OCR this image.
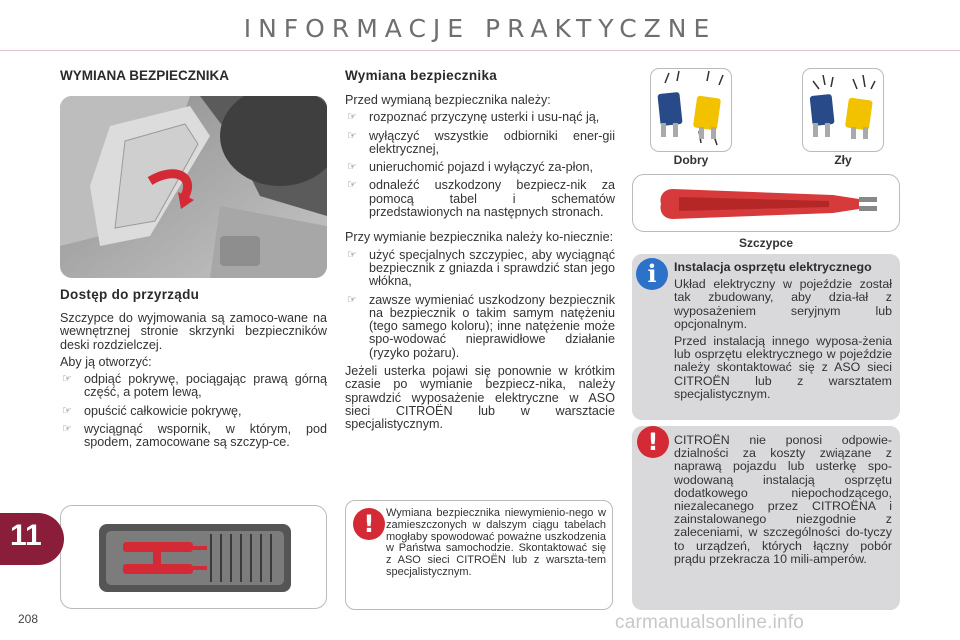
INFORMACJE PRAKTYCZNE
WYMIANA BEZPIECZNIKA
Dostęp do przyrządu

Szczypce do wyjmowania są zamoco-wane na wewnętrznej stronie skrzynki bezpieczników deski rozdzielczej.

Aby ją otworzyć:

☞ odpiąć pokrywę, pociągając prawą górną część, a potem lewą,
☞ opuścić całkowicie pokrywę,
☞ wyciągnąć wspornik, w którym, pod spodem, zamocowane są szczyp-ce.
Wymiana bezpiecznika

Przed wymianą bezpiecznika należy:

☞ rozpoznać przyczynę usterki i usu-nąć ją,
☞ wyłączyć wszystkie odbiorniki ener-gii elektrycznej,
☞ unieruchomić pojazd i wyłączyć za-płon,
☞ odnaleźć uszkodzony bezpiecz-nik za pomocą tabel i schematów przedstawionych na następnych stronach.

Przy wymianie bezpiecznika należy ko-niecznie:

☞ użyć specjalnych szczypiec, aby wyciągnąć bezpiecznik z gniazda i sprawdzić stan jego włókna,
☞ zawsze wymieniać uszkodzony bezpiecznik na bezpiecznik o takim samym natężeniu (tego samego koloru); inne natężenie może spo-wodować nieprawidłowe działanie (ryzyko pożaru).

Jeżeli usterka pojawi się ponownie w krótkim czasie po wymianie bezpiecz-nika, należy sprawdzić wyposażenie elektryczne w ASO sieci CITROËN lub w warsztacie specjalistycznym.

!	Wymiana bezpiecznika niewymienio-nego w zamieszczonych w dalszym ciągu tabelach mogłaby spowodować poważne uszkodzenia w Państwa samochodzie. Skontaktować się z ASO sieci CITROËN lub z warszta-tem specjalistycznym.
Dobry	Zły
Szczypce
i	Instalacja osprzętu elektrycznego

Układ elektryczny w pojeździe został tak zbudowany, aby dzia-łał z wyposażeniem seryjnym lub opcjonalnym.

Przed instalacją innego wyposa-żenia lub osprzętu elektrycznego w pojeździe należy skontaktować się z ASO sieci CITROËN lub z warsztatem specjalistycznym.

!	CITROËN nie ponosi odpowie-dzialności za koszty związane z naprawą pojazdu lub usterkę spo-wodowaną instalacją osprzętu dodatkowego niepochodzącego, niezalecanego przez CITROËNA i zainstalowanego niezgodnie z zaleceniami, w szczególności do-tyczy to urządzeń, których łączny pobór prądu przekracza 10 mili-amperów.
11
208	carmanualsonline.info
